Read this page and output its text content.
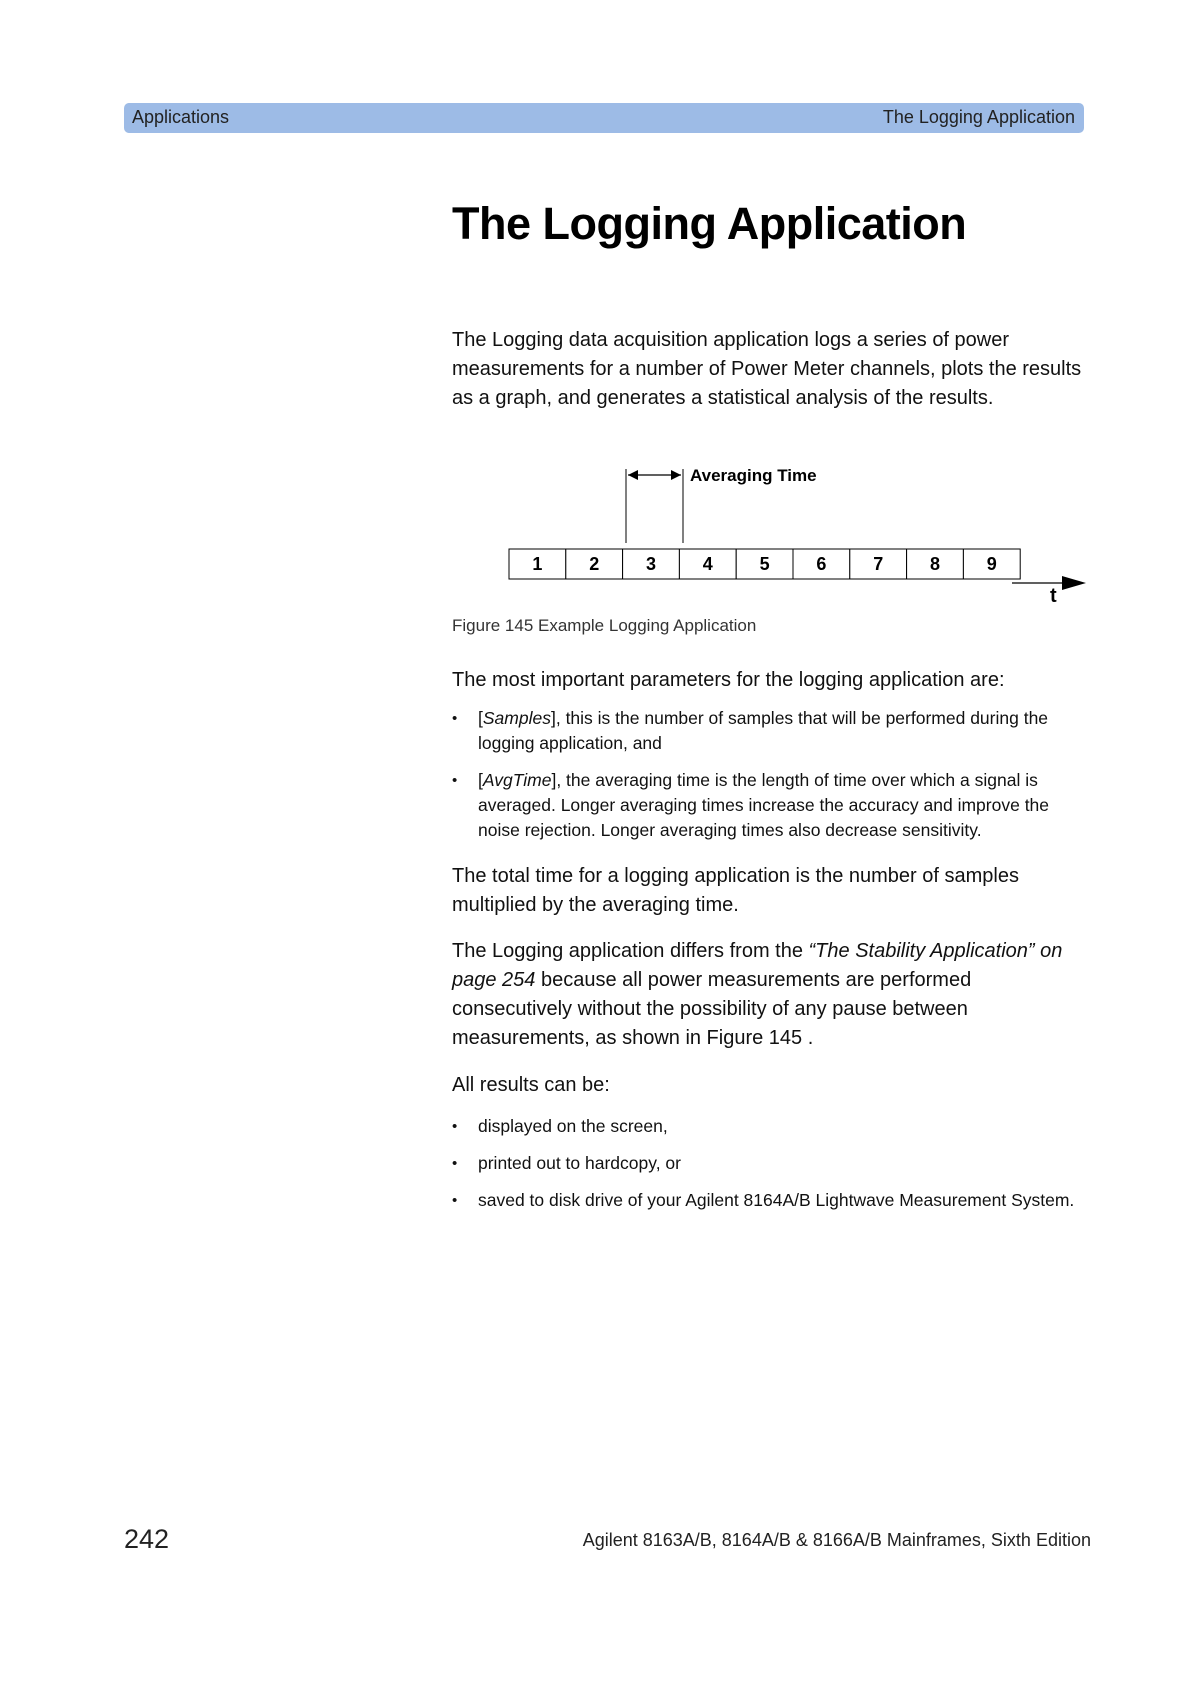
Applications	The Logging Application
The Logging Application

The Logging data acquisition application logs a series of power measurements for a number of Power Meter channels, plots the results as a graph, and generates a statistical analysis of the results.

Averaging Time
1	2	3	4	5	6	7	8	9
t
Figure 145 Example Logging Application

The most important parameters for the logging application are:

• [Samples], this is the number of samples that will be performed during the logging application, and
• [AvgTime], the averaging time is the length of time over which a signal is averaged. Longer averaging times increase the accuracy and improve the noise rejection. Longer averaging times also decrease sensitivity.

The total time for a logging application is the number of samples multiplied by the averaging time.

The Logging application differs from the “The Stability Application” on page 254 because all power measurements are performed consecutively without the possibility of any pause between measurements, as shown in Figure 145 .

All results can be:

• displayed on the screen,
• printed out to hardcopy, or
• saved to disk drive of your Agilent 8164A/B Lightwave Measurement System.
242	Agilent 8163A/B, 8164A/B & 8166A/B Mainframes, Sixth Edition
